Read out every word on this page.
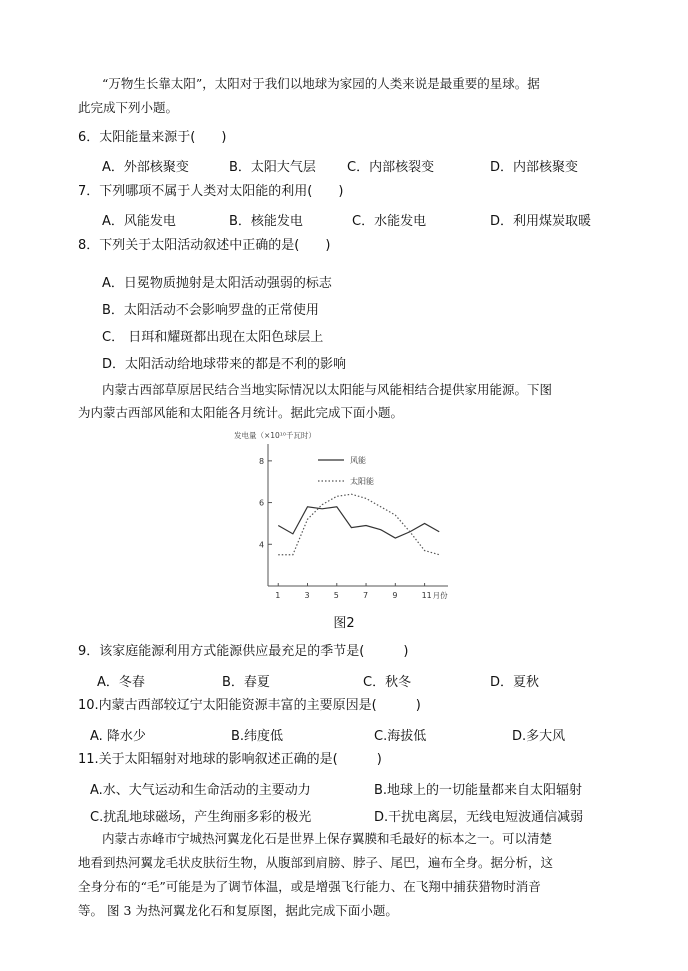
“万物生长靠太阳”，太阳对于我们以地球为家园的人类来说是最重要的星球。据
此完成下列小题。
6．太阳能量来源于(　　)
A．外部核聚变	B．太阳大气层 C．内部核裂变	D．内部核聚变
7．下列哪项不属于人类对太阳能的利用(　　)
A．风能发电	B．核能发电	C．水能发电	D．利用煤炭取暖
8．下列关于太阳活动叙述中正确的是(　　)
A．日冕物质抛射是太阳活动强弱的标志
B．太阳活动不会影响罗盘的正常使用
C． 日珥和耀斑都出现在太阳色球层上
D．太阳活动给地球带来的都是不利的影响
内蒙古西部草原居民结合当地实际情况以太阳能与风能相结合提供家用能源。下图
为内蒙古西部风能和太阳能各月统计。据此完成下面小题。
发电量（×10¹⁰千瓦时）
4
6
8
1	3	5	7	9	11 月份
风能
太阳能
图2
9．该家庭能源利用方式能源供应最充足的季节是(　　　)
A．冬春	B．春夏	C．秋冬	D．夏秋
10.内蒙古西部较辽宁太阳能资源丰富的主要原因是(　　　)
A. 降水少	B.纬度低	C.海拔低	D.多大风
11.关于太阳辐射对地球的影响叙述正确的是(　　　)
A.水、大气运动和生命活动的主要动力	B.地球上的一切能量都来自太阳辐射
C.扰乱地球磁场，产生绚丽多彩的极光	D.干扰电离层，无线电短波通信减弱
内蒙古赤峰市宁城热河翼龙化石是世界上保存翼膜和毛最好的标本之一。可以清楚
地看到热河翼龙毛状皮肤衍生物，从腹部到肩膀、脖子、尾巴，遍布全身。据分析，这
全身分布的“毛”可能是为了调节体温，或是增强飞行能力、在飞翔中捕获猎物时消音
等。 图 3 为热河翼龙化石和复原图，据此完成下面小题。
